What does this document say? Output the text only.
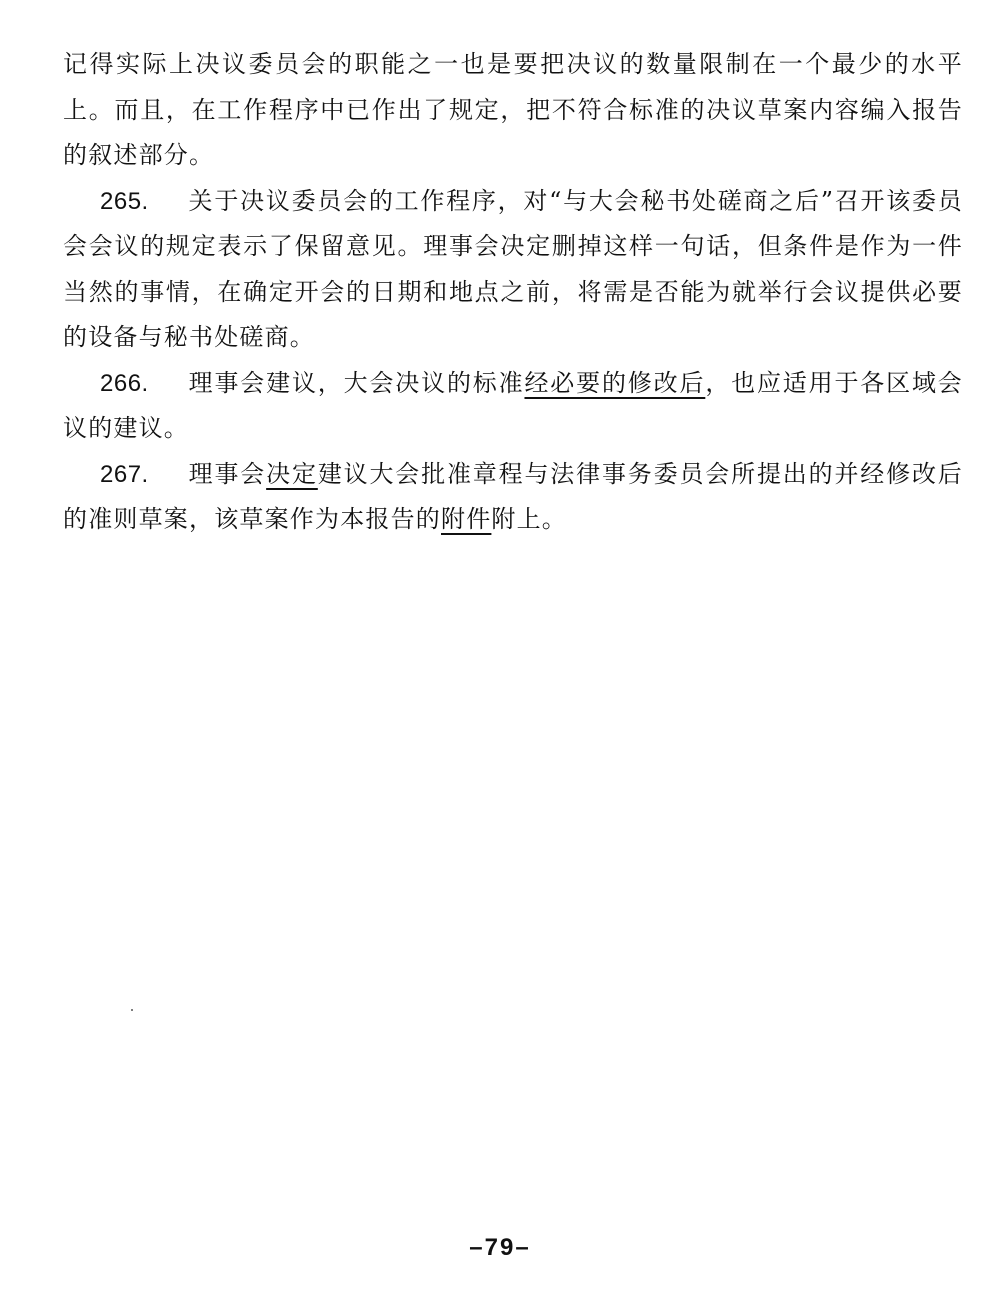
记得实际上决议委员会的职能之一也是要把决议的数量限制在一个最少的水平上。而且，在工作程序中已作出了规定，把不符合标准的决议草案内容编入报告的叙述部分。

265. 关于决议委员会的工作程序，对“与大会秘书处磋商之后”召开该委员会会议的规定表示了保留意见。理事会决定删掉这样一句话，但条件是作为一件当然的事情，在确定开会的日期和地点之前，将需是否能为就举行会议提供必要的设备与秘书处磋商。

266. 理事会建议，大会决议的标准经必要的修改后，也应适用于各区域会议的建议。

267. 理事会决定建议大会批准章程与法律事务委员会所提出的并经修改后的准则草案，该草案作为本报告的附件附上。

–79–
